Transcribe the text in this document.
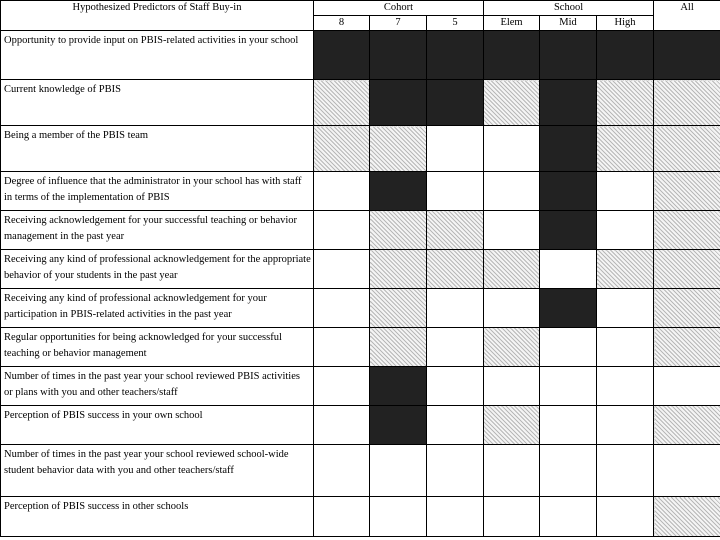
Hypothesized Predictors of Staff Buy-in	Cohort			School			All
	8	7	5	Elem	Mid	High	
Opportunity to provide input on PBIS-related activities in your school							
Current knowledge of PBIS							
Being a member of the PBIS team							
Degree of influence that the administrator in your school has with staff in terms of the implementation of PBIS							
Receiving acknowledgement for your successful teaching or behavior management in the past year							
Receiving any kind of professional acknowledgement for the appropriate behavior of your students in the past year							
Receiving any kind of professional acknowledgement for your participation in PBIS-related activities in the past year							
Regular opportunities for being acknowledged for your successful teaching or behavior management							
Number of times in the past year your school reviewed PBIS activities or plans with you and other teachers/staff							
Perception of PBIS success in your own school							
Number of times in the past year your school reviewed school-wide student behavior data with you and other teachers/staff							
Perception of PBIS success in other schools							
